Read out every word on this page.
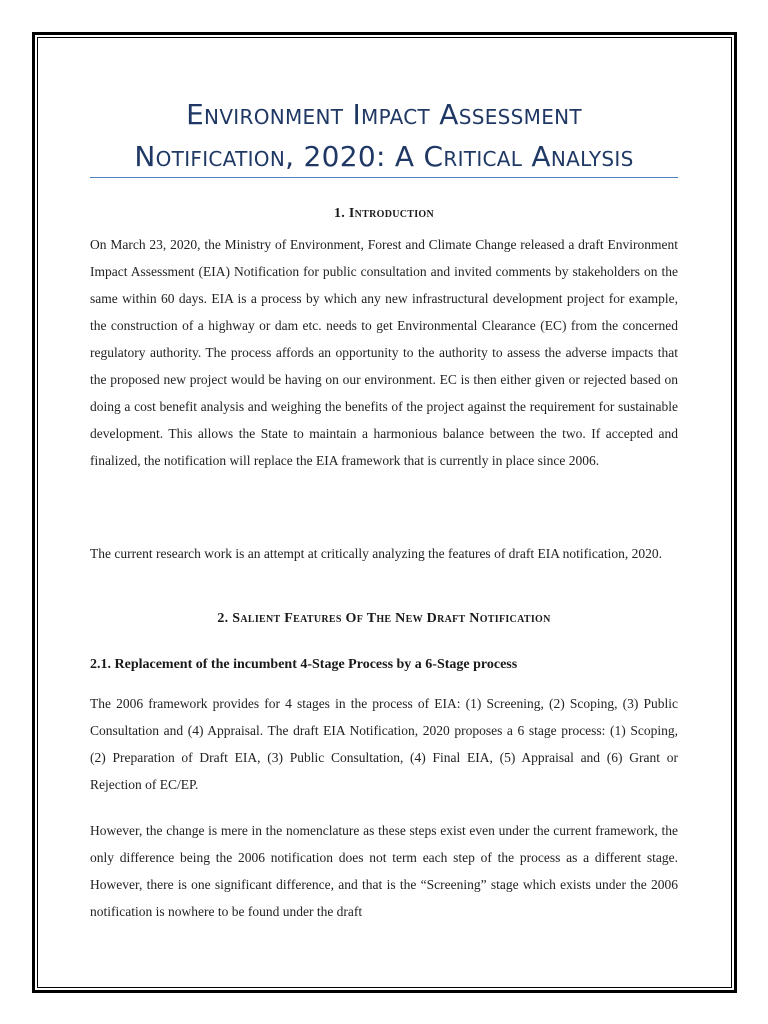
Environment Impact Assessment
Notification, 2020: A Critical Analysis
1. Introduction

On March 23, 2020, the Ministry of Environment, Forest and Climate Change released a draft Environment Impact Assessment (EIA) Notification for public consultation and invited comments by stakeholders on the same within 60 days. EIA is a process by which any new infrastructural development project for example, the construction of a highway or dam etc. needs to get Environmental Clearance (EC) from the concerned regulatory authority. The process affords an opportunity to the authority to assess the adverse impacts that the proposed new project would be having on our environment. EC is then either given or rejected based on doing a cost benefit analysis and weighing the benefits of the project against the requirement for sustainable development. This allows the State to maintain a harmonious balance between the two. If accepted and finalized, the notification will replace the EIA framework that is currently in place since 2006.

The current research work is an attempt at critically analyzing the features of draft EIA notification, 2020.

2. Salient Features Of The New Draft Notification
2.1. Replacement of the incumbent 4-Stage Process by a 6-Stage process

The 2006 framework provides for 4 stages in the process of EIA: (1) Screening, (2) Scoping, (3) Public Consultation and (4) Appraisal. The draft EIA Notification, 2020 proposes a 6 stage process: (1) Scoping, (2) Preparation of Draft EIA, (3) Public Consultation, (4) Final EIA, (5) Appraisal and (6) Grant or Rejection of EC/EP.

However, the change is mere in the nomenclature as these steps exist even under the current framework, the only difference being the 2006 notification does not term each step of the process as a different stage. However, there is one significant difference, and that is the “Screening” stage which exists under the 2006 notification is nowhere to be found under the draft
